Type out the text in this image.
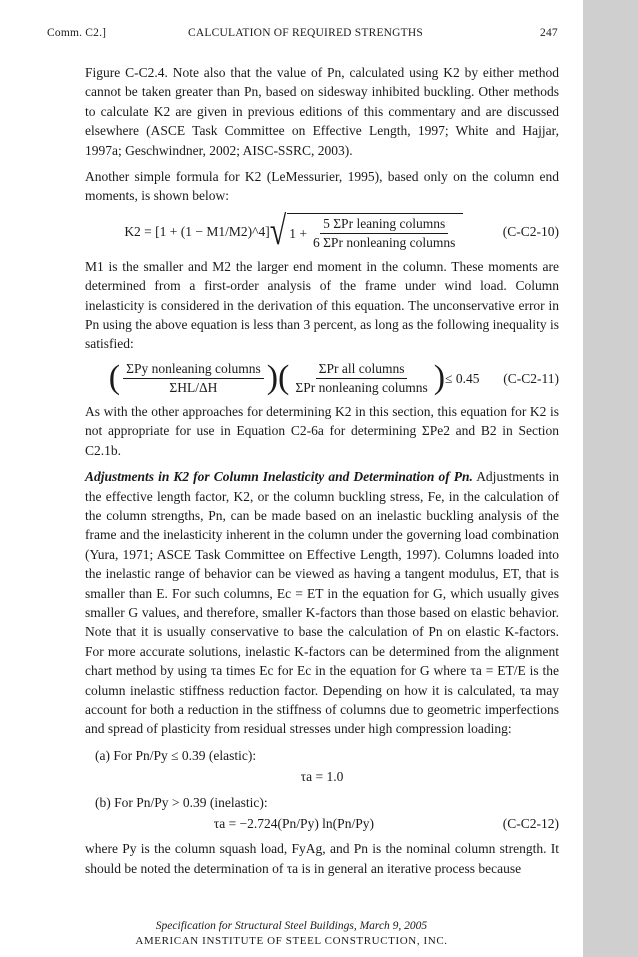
Comm. C2.]	CALCULATION OF REQUIRED STRENGTHS	247

Figure C-C2.4. Note also that the value of Pn, calculated using K2 by either method cannot be taken greater than Pn, based on sidesway inhibited buckling. Other methods to calculate K2 are given in previous editions of this commentary and are discussed elsewhere (ASCE Task Committee on Effective Length, 1997; White and Hajjar, 1997a; Geschwindner, 2002; AISC-SSRC, 2003).

Another simple formula for K2 (LeMessurier, 1995), based only on the column end moments, is shown below:

K2 = [1 + (1 − M1/M2)^4] √ $1 + \frac{\text{5 ΣPr leaning columns}}{\text{6 ΣPr nonleaning columns}}$	(C-C2-10)

M1 is the smaller and M2 the larger end moment in the column. These moments are determined from a first-order analysis of the frame under wind load. Column inelasticity is considered in the derivation of this equation. The unconservative error in Pn using the above equation is less than 3 percent, as long as the following inequality is satisfied:

( $\frac{\text{ΣPy nonleaning columns}}{\text{ΣHL/ΔH}}$ )( $\frac{\text{ΣPr all columns}}{\text{ΣPr nonleaning columns}}$ ) ≤ 0.45 (C-C2-11)

As with the other approaches for determining K2 in this section, this equation for K2 is not appropriate for use in Equation C2-6a for determining ΣPe2 and B2 in Section C2.1b.

Adjustments in K2 for Column Inelasticity and Determination of Pn. Adjustments in the effective length factor, K2, or the column buckling stress, Fe, in the calculation of the column strengths, Pn, can be made based on an inelastic buckling analysis of the frame and the inelasticity inherent in the column under the governing load combination (Yura, 1971; ASCE Task Committee on Effective Length, 1997). Columns loaded into the inelastic range of behavior can be viewed as having a tangent modulus, ET, that is smaller than E. For such columns, Ec = ET in the equation for G, which usually gives smaller G values, and therefore, smaller K-factors than those based on elastic behavior. Note that it is usually conservative to base the calculation of Pn on elastic K-factors. For more accurate solutions, inelastic K-factors can be determined from the alignment chart method by using τa times Ec for Ec in the equation for G where τa = ET/E is the column inelastic stiffness reduction factor. Depending on how it is calculated, τa may account for both a reduction in the stiffness of columns due to geometric imperfections and spread of plasticity from residual stresses under high compression loading:

(a) For Pn/Py ≤ 0.39 (elastic):
τa = 1.0
(b) For Pn/Py > 0.39 (inelastic):
τa = −2.724(Pn/Py) ln(Pn/Py)	(C-C2-12)

where Py is the column squash load, FyAg, and Pn is the nominal column strength. It should be noted the determination of τa is in general an iterative process because

Specification for Structural Steel Buildings, March 9, 2005
AMERICAN INSTITUTE OF STEEL CONSTRUCTION, INC.
